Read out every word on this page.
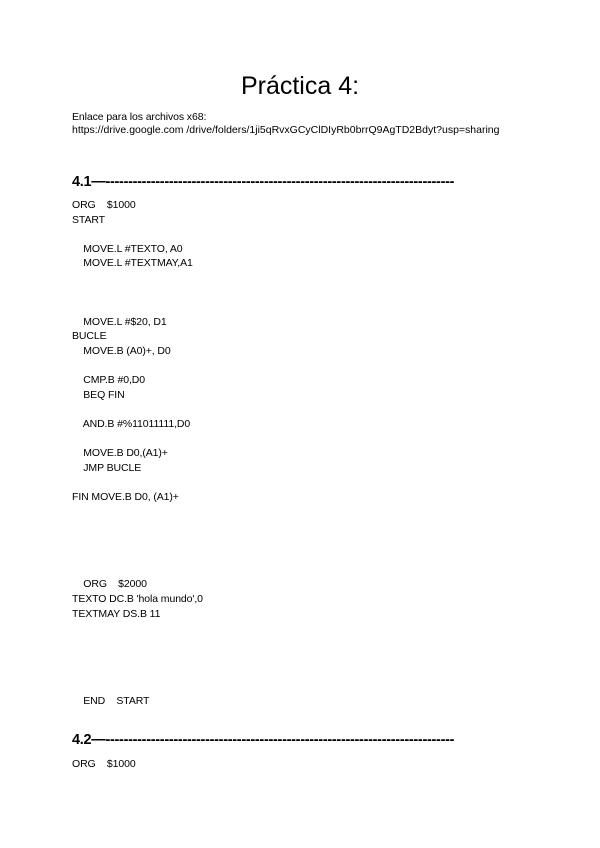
Práctica 4:
Enlace para los archivos x68:
https://drive.google.com /drive/folders/1ji5qRvxGCyClDIyRb0brrQ9AgTD2Bdyt?usp=sharing
4.1—-----------------------------------------------------------------------------
ORG    $1000
START

MOVE.L #TEXTO, A0
MOVE.L #TEXTMAY,A1

MOVE.L #$20, D1
BUCLE
MOVE.B (A0)+, D0

CMP.B #0,D0
BEQ FIN

AND.B #%11011111,D0

MOVE.B D0,(A1)+
JMP BUCLE

FIN MOVE.B D0, (A1)+

ORG    $2000
TEXTO DC.B 'hola mundo',0
TEXTMAY DS.B 11

END    START
4.2—-----------------------------------------------------------------------------
ORG    $1000
